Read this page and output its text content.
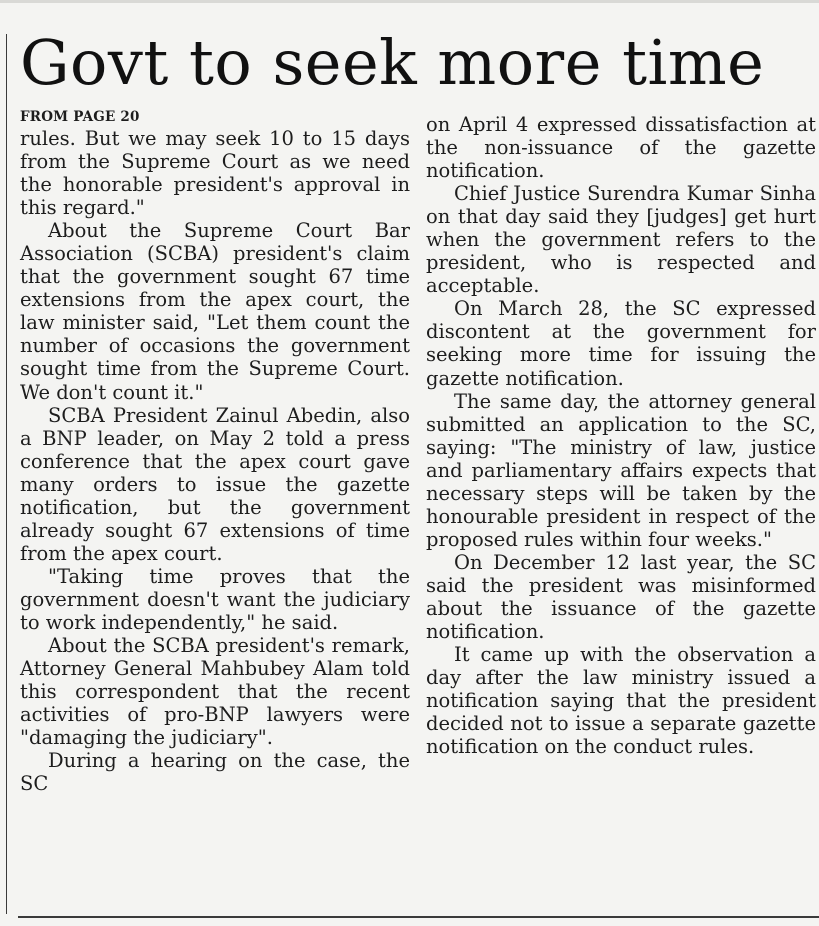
Govt to seek more time
FROM PAGE 20

rules. But we may seek 10 to 15 days from the Supreme Court as we need the honorable president's approval in this regard."

About the Supreme Court Bar Association (SCBA) president's claim that the government sought 67 time extensions from the apex court, the law minister said, "Let them count the number of occasions the government sought time from the Supreme Court. We don't count it."

SCBA President Zainul Abedin, also a BNP leader, on May 2 told a press conference that the apex court gave many orders to issue the gazette notification, but the government already sought 67 extensions of time from the apex court.

"Taking time proves that the government doesn't want the judiciary to work independently," he said.

About the SCBA president's remark, Attorney General Mahbubey Alam told this correspondent that the recent activities of pro-BNP lawyers were "damaging the judiciary".

During a hearing on the case, the SC

on April 4 expressed dissatisfaction at the non-issuance of the gazette notification.

Chief Justice Surendra Kumar Sinha on that day said they [judges] get hurt when the government refers to the president, who is respected and acceptable.

On March 28, the SC expressed discontent at the government for seeking more time for issuing the gazette notification.

The same day, the attorney general submitted an application to the SC, saying: "The ministry of law, justice and parliamentary affairs expects that necessary steps will be taken by the honourable president in respect of the proposed rules within four weeks."

On December 12 last year, the SC said the president was misinformed about the issuance of the gazette notification.

It came up with the observation a day after the law ministry issued a notification saying that the president decided not to issue a separate gazette notification on the conduct rules.
